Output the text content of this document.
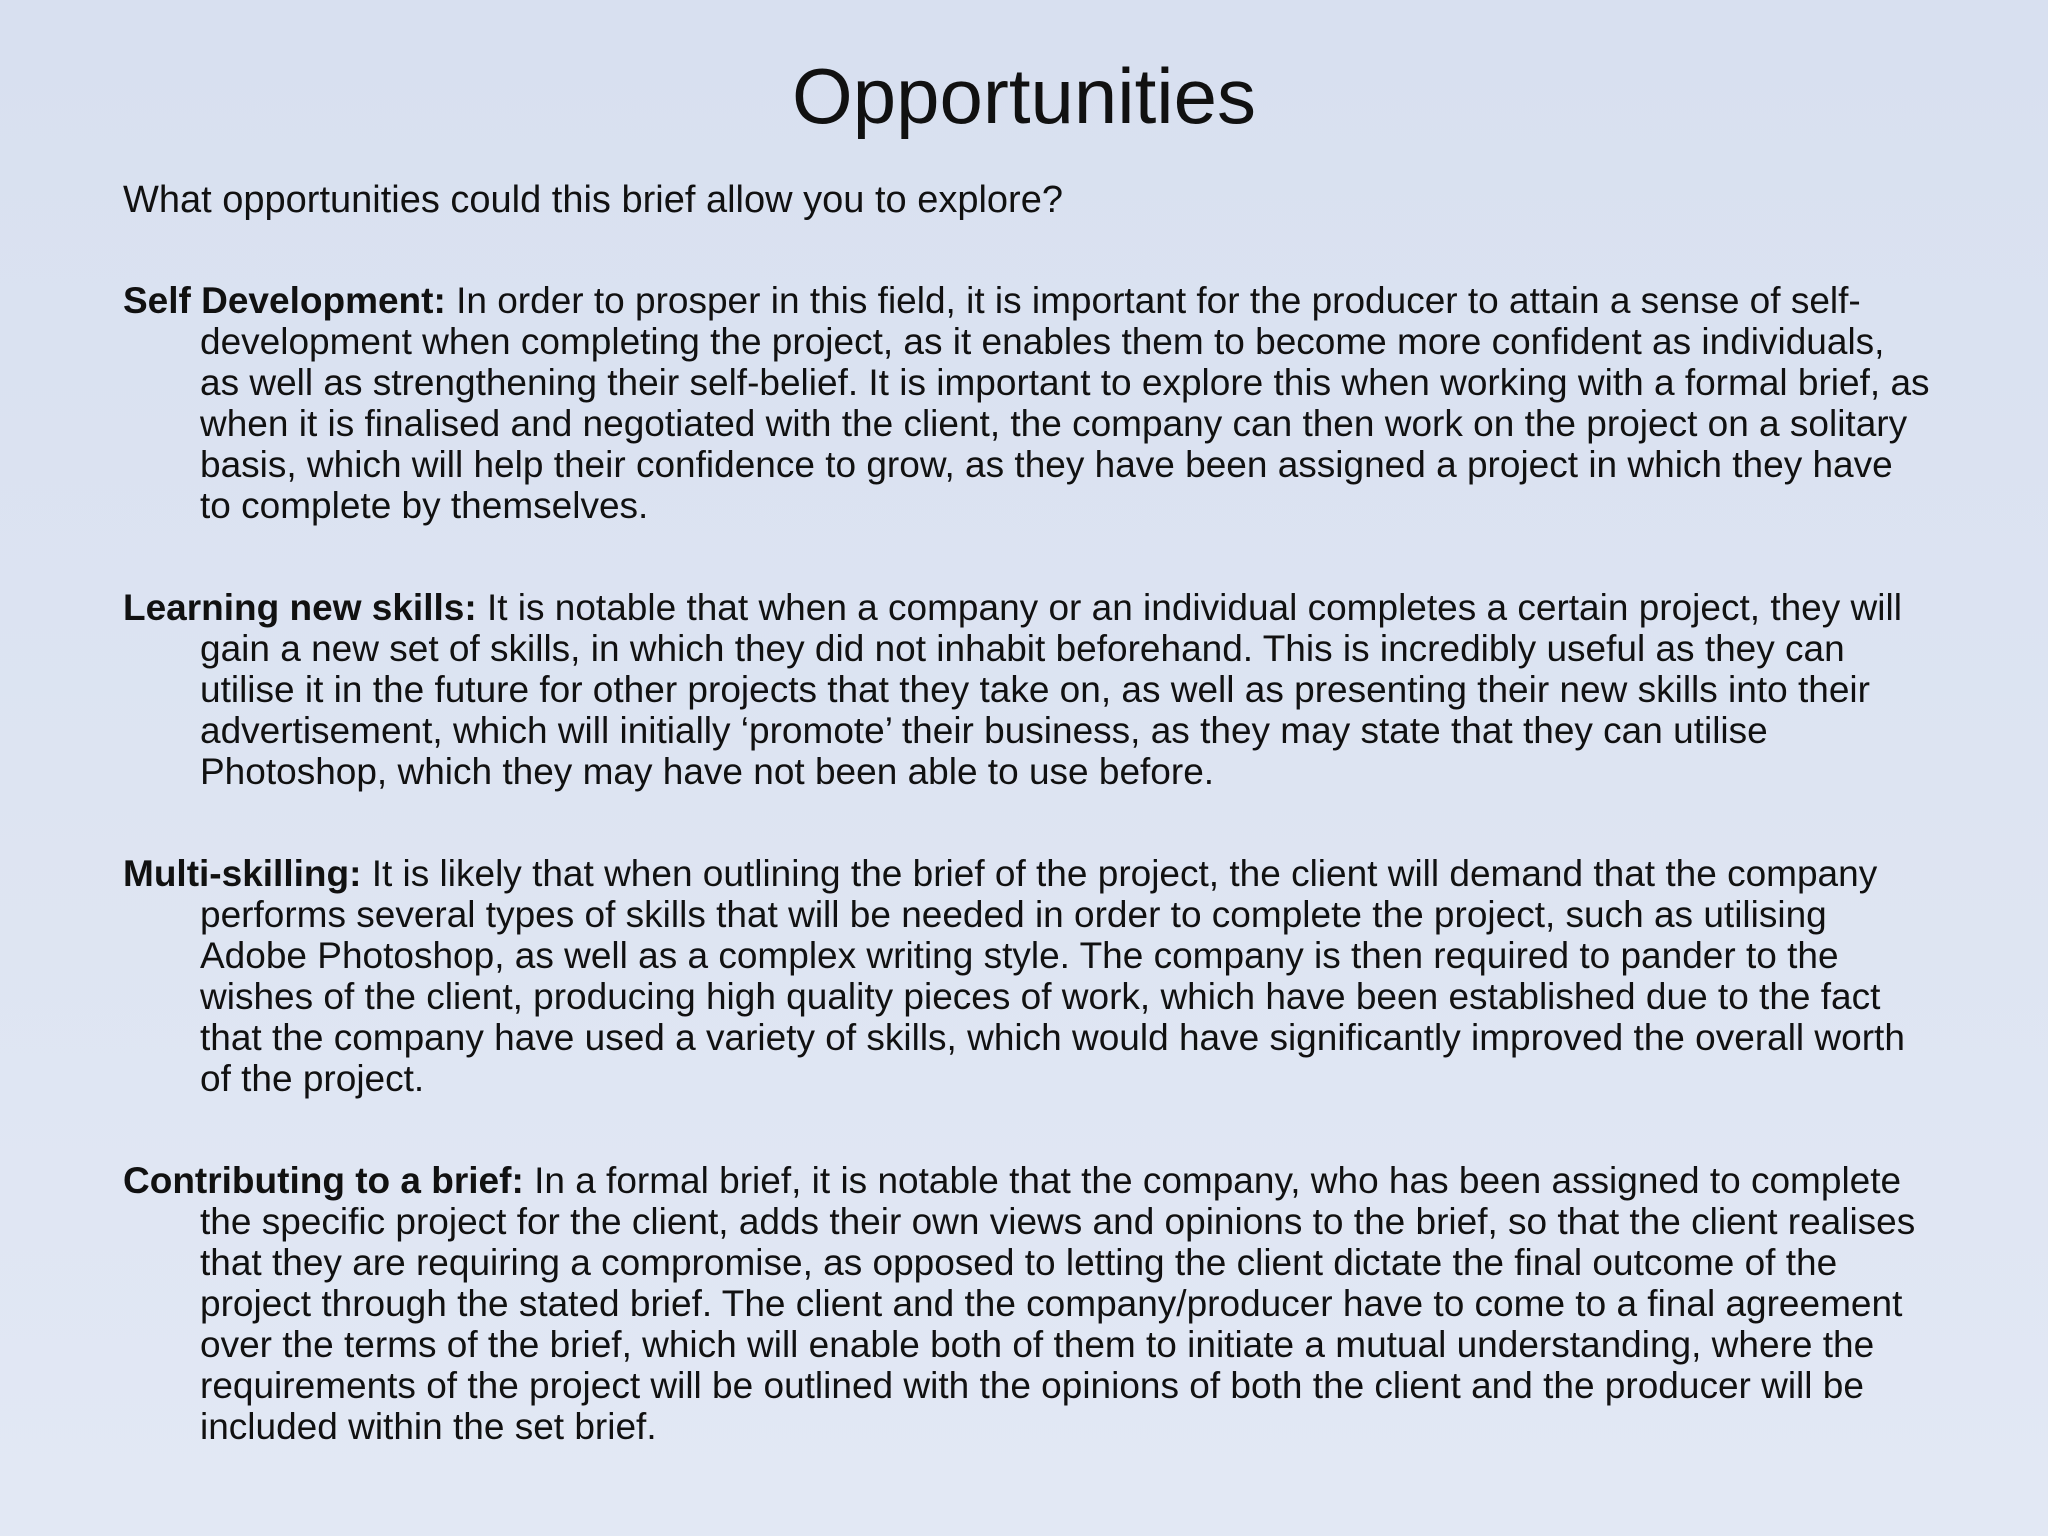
Opportunities

What opportunities could this brief allow you to explore?

Self Development: In order to prosper in this field, it is important for the producer to attain a sense of self-development when completing the project, as it enables them to become more confident as individuals, as well as strengthening their self-belief. It is important to explore this when working with a formal brief, as when it is finalised and negotiated with the client, the company can then work on the project on a solitary basis, which will help their confidence to grow, as they have been assigned a project in which they have to complete by themselves.

Learning new skills: It is notable that when a company or an individual completes a certain project, they will gain a new set of skills, in which they did not inhabit beforehand. This is incredibly useful as they can utilise it in the future for other projects that they take on, as well as presenting their new skills into their advertisement, which will initially ‘promote’ their business, as they may state that they can utilise Photoshop, which they may have not been able to use before.

Multi-skilling: It is likely that when outlining the brief of the project, the client will demand that the company performs several types of skills that will be needed in order to complete the project, such as utilising Adobe Photoshop, as well as a complex writing style. The company is then required to pander to the wishes of the client, producing high quality pieces of work, which have been established due to the fact that the company have used a variety of skills, which would have significantly improved the overall worth of the project.

Contributing to a brief: In a formal brief, it is notable that the company, who has been assigned to complete the specific project for the client, adds their own views and opinions to the brief, so that the client realises that they are requiring a compromise, as opposed to letting the client dictate the final outcome of the project through the stated brief. The client and the company/producer have to come to a final agreement over the terms of the brief, which will enable both of them to initiate a mutual understanding, where the requirements of the project will be outlined with the opinions of both the client and the producer will be included within the set brief.
